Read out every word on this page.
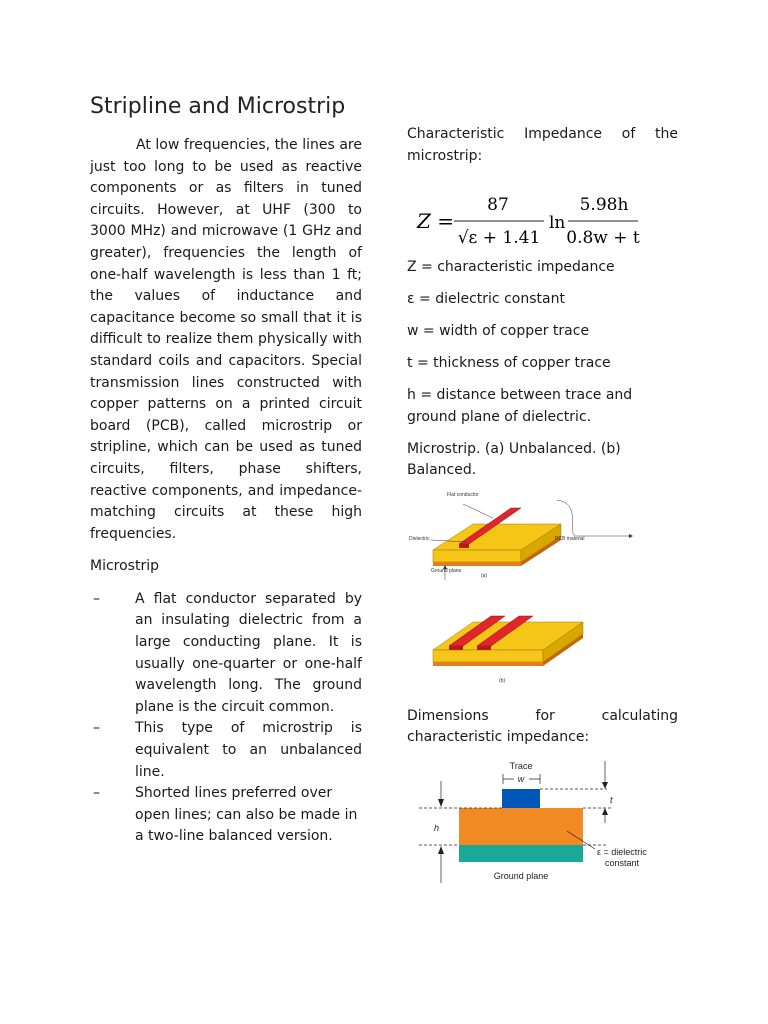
Stripline and Microstrip

At low frequencies, the lines are just too long to be used as reactive components or as filters in tuned circuits. However, at UHF (300 to 3000 MHz) and microwave (1 GHz and greater), frequencies the length of one-half wavelength is less than 1 ft; the values of inductance and capacitance become so small that it is difficult to realize them physically with standard coils and capacitors. Special transmission lines constructed with copper patterns on a printed circuit board (PCB), called microstrip or stripline, which can be used as tuned circuits, filters, phase shifters, reactive components, and impedance-matching circuits at these high frequencies.

Microstrip

– A flat conductor separated by an insulating dielectric from a large conducting plane. It is usually one-quarter or one-half wavelength long. The ground plane is the circuit common.
– This type of microstrip is equivalent to an unbalanced line.
– Shorted lines preferred over open lines; can also be made in a two-line balanced version.

Characteristic Impedance of the microstrip:

Z =
87
√ε + 1.41
ln
5.98h
0.8w + t

Z = characteristic impedance

ε = dielectric constant

w = width of copper trace

t = thickness of copper trace

h = distance between trace and ground plane of dielectric.

Microstrip. (a) Unbalanced. (b) Balanced.

Flat conductor
Dielectric	PCB material
Ground plane
(a)
(b)

Dimensions for calculating characteristic impedance:

Trace
w
t
h
ε = dielectric
constant
Ground plane
